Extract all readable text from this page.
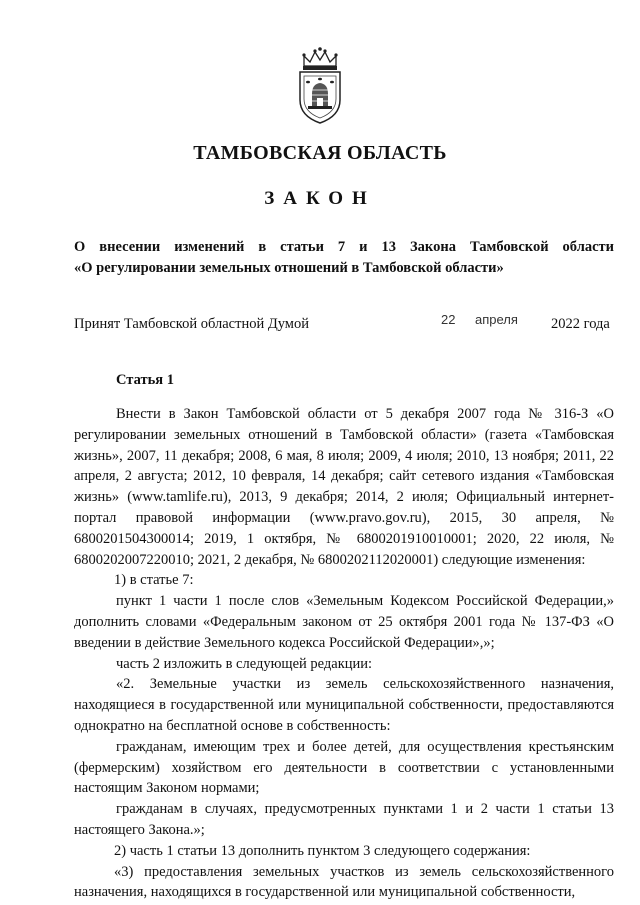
ТАМБОВСКАЯ ОБЛАСТЬ
ЗАКОН
О внесении изменений в статьи 7 и 13 Закона Тамбовской области
«О регулировании земельных отношений в Тамбовской области»
Принят Тамбовской областной Думой	22 апреля 2022 года
Статья 1

Внести в Закон Тамбовской области от 5 декабря 2007 года № 316-З «О регулировании земельных отношений в Тамбовской области» (газета «Тамбовская жизнь», 2007, 11 декабря; 2008, 6 мая, 8 июля; 2009, 4 июля; 2010, 13 ноября; 2011, 22 апреля, 2 августа; 2012, 10 февраля, 14 декабря; сайт сетевого издания «Тамбовская жизнь» (www.tamlife.ru), 2013, 9 декабря; 2014, 2 июля; Официальный интернет-портал правовой информации (www.pravo.gov.ru), 2015, 30 апреля, № 6800201504300014; 2019, 1 октября, № 6800201910010001; 2020, 22 июля, № 6800202007220010; 2021, 2 декабря, № 6800202112020001) следующие изменения:

1) в статье 7:

пункт 1 части 1 после слов «Земельным Кодексом Российской Федерации,» дополнить словами «Федеральным законом от 25 октября 2001 года № 137-ФЗ «О введении в действие Земельного кодекса Российской Федерации»,»;

часть 2 изложить в следующей редакции:

«2. Земельные участки из земель сельскохозяйственного назначения, находящиеся в государственной или муниципальной собственности, предоставляются однократно на бесплатной основе в собственность:

гражданам, имеющим трех и более детей, для осуществления крестьянским (фермерским) хозяйством его деятельности в соответствии с установленными настоящим Законом нормами;

гражданам в случаях, предусмотренных пунктами 1 и 2 части 1 статьи 13 настоящего Закона.»;

2) часть 1 статьи 13 дополнить пунктом 3 следующего содержания:

«3) предоставления земельных участков из земель сельскохозяйственного назначения, находящихся в государственной или муниципальной собственности,
